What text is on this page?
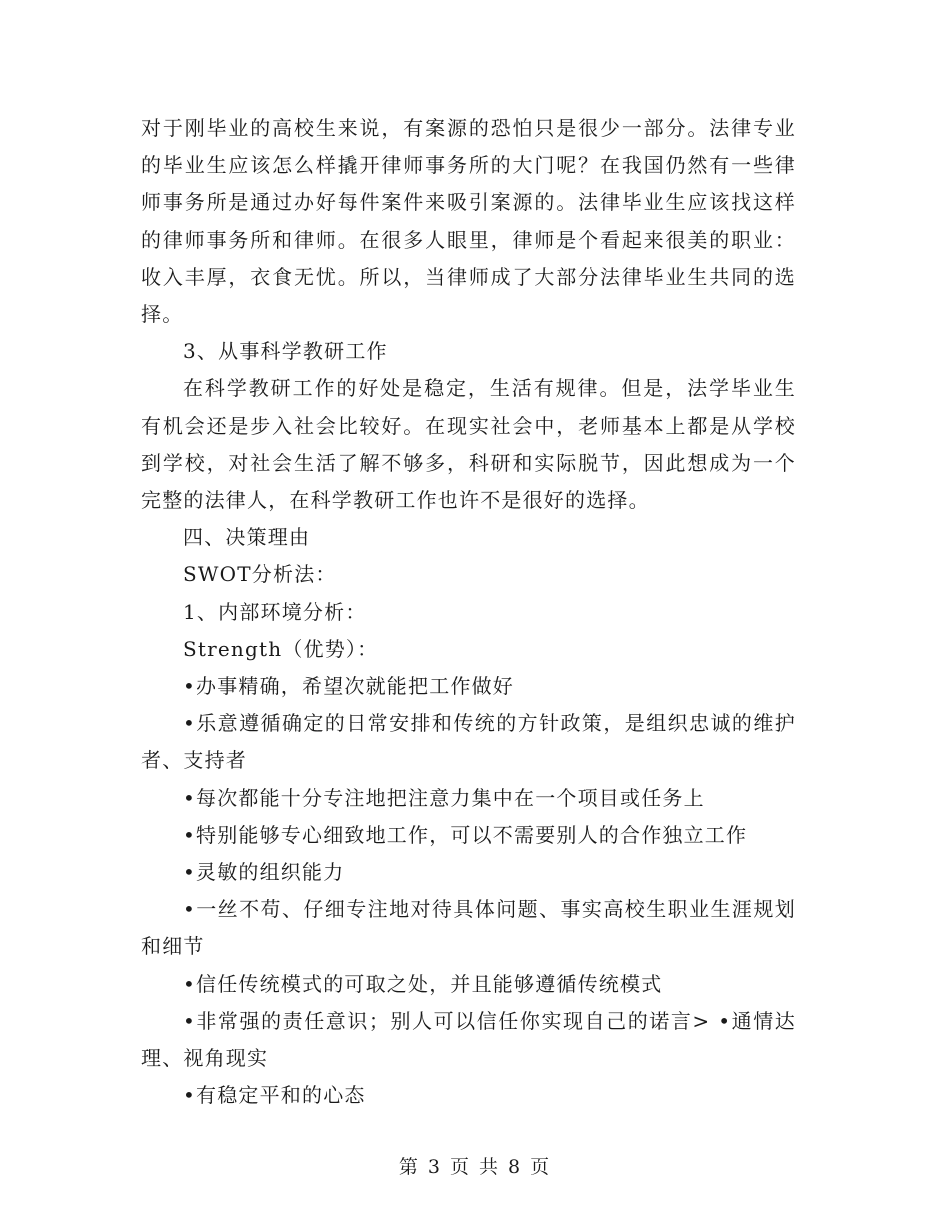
对于刚毕业的高校生来说，有案源的恐怕只是很少一部分。法律专业的毕业生应该怎么样撬开律师事务所的大门呢？在我国仍然有一些律师事务所是通过办好每件案件来吸引案源的。法律毕业生应该找这样的律师事务所和律师。在很多人眼里，律师是个看起来很美的职业：收入丰厚，衣食无忧。所以，当律师成了大部分法律毕业生共同的选择。

3、从事科学教研工作

在科学教研工作的好处是稳定，生活有规律。但是，法学毕业生有机会还是步入社会比较好。在现实社会中，老师基本上都是从学校到学校，对社会生活了解不够多，科研和实际脱节，因此想成为一个完整的法律人，在科学教研工作也许不是很好的选择。

四、决策理由

SWOT分析法：

1、内部环境分析：

Strength（优势）：

•办事精确，希望次就能把工作做好

•乐意遵循确定的日常安排和传统的方针政策，是组织忠诚的维护者、支持者

•每次都能十分专注地把注意力集中在一个项目或任务上

•特别能够专心细致地工作，可以不需要别人的合作独立工作

•灵敏的组织能力

•一丝不苟、仔细专注地对待具体问题、事实高校生职业生涯规划和细节

•信任传统模式的可取之处，并且能够遵循传统模式

•非常强的责任意识；别人可以信任你实现自己的诺言> •通情达理、视角现实

•有稳定平和的心态

第 3 页 共 8 页
